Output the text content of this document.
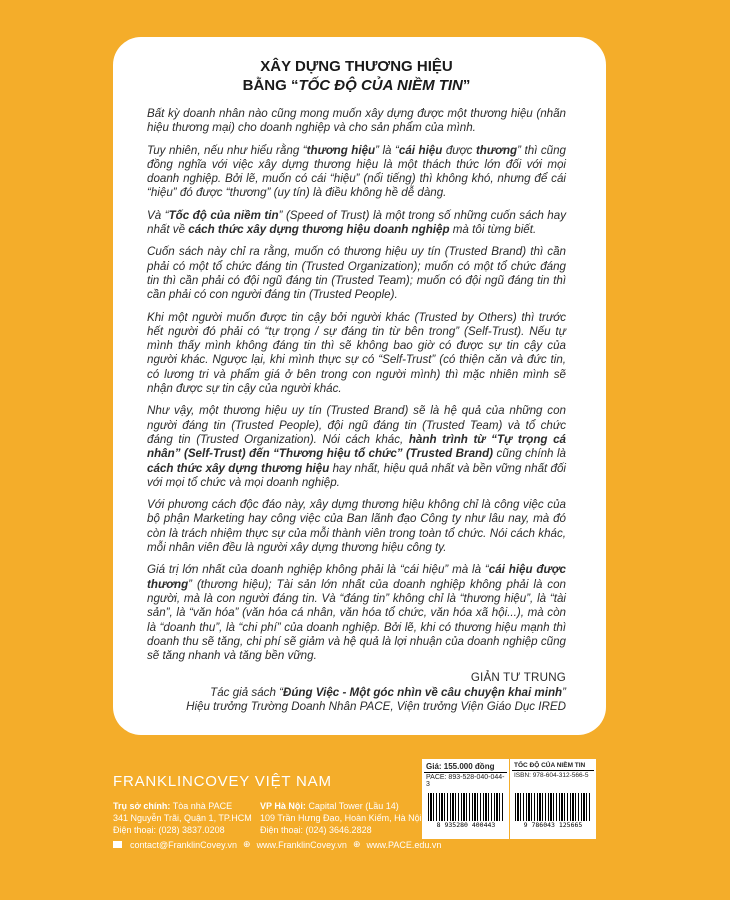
XÂY DỰNG THƯƠNG HIỆU
BẰNG “TỐC ĐỘ CỦA NIỀM TIN”

Bất kỳ doanh nhân nào cũng mong muốn xây dựng được một thương hiệu (nhãn hiệu thương mại) cho doanh nghiệp và cho sản phẩm của mình.

Tuy nhiên, nếu như hiểu rằng “thương hiệu” là “cái hiệu được thương” thì cũng đồng nghĩa với việc xây dựng thương hiệu là một thách thức lớn đối với mọi doanh nghiệp. Bởi lẽ, muốn có cái “hiệu” (nổi tiếng) thì không khó, nhưng để cái “hiệu” đó được “thương” (uy tín) là điều không hề dễ dàng.

Và “Tốc độ của niềm tin” (Speed of Trust) là một trong số những cuốn sách hay nhất về cách thức xây dựng thương hiệu doanh nghiệp mà tôi từng biết.

Cuốn sách này chỉ ra rằng, muốn có thương hiệu uy tín (Trusted Brand) thì cần phải có một tổ chức đáng tin (Trusted Organization); muốn có một tổ chức đáng tin thì cần phải có đội ngũ đáng tin (Trusted Team); muốn có đội ngũ đáng tin thì cần phải có con người đáng tin (Trusted People).

Khi một người muốn được tin cậy bởi người khác (Trusted by Others) thì trước hết người đó phải có “tự trọng / sự đáng tin từ bên trong” (Self-Trust). Nếu tự mình thấy mình không đáng tin thì sẽ không bao giờ có được sự tin cậy của người khác. Ngược lại, khi mình thực sự có “Self-Trust” (có thiện căn và đức tin, có lương tri và phẩm giá ở bên trong con người mình) thì mặc nhiên mình sẽ nhận được sự tin cậy của người khác.

Như vậy, một thương hiệu uy tín (Trusted Brand) sẽ là hệ quả của những con người đáng tin (Trusted People), đội ngũ đáng tin (Trusted Team) và tổ chức đáng tin (Trusted Organization). Nói cách khác, hành trình từ “Tự trọng cá nhân” (Self-Trust) đến “Thương hiệu tổ chức” (Trusted Brand) cũng chính là cách thức xây dựng thương hiệu hay nhất, hiệu quả nhất và bền vững nhất đối với mọi tổ chức và mọi doanh nghiệp.

Với phương cách độc đáo này, xây dựng thương hiệu không chỉ là công việc của bộ phận Marketing hay công việc của Ban lãnh đạo Công ty như lâu nay, mà đó còn là trách nhiệm thực sự của mỗi thành viên trong toàn tổ chức. Nói cách khác, mỗi nhân viên đều là người xây dựng thương hiệu công ty.

Giá trị lớn nhất của doanh nghiệp không phải là “cái hiệu” mà là “cái hiệu được thương” (thương hiệu); Tài sản lớn nhất của doanh nghiệp không phải là con người, mà là con người đáng tin. Và “đáng tin” không chỉ là “thương hiệu”, là “tài sản”, là “văn hóa” (văn hóa cá nhân, văn hóa tổ chức, văn hóa xã hội...), mà còn là “doanh thu”, là “chi phí” của doanh nghiệp. Bởi lẽ, khi có thương hiệu mạnh thì doanh thu sẽ tăng, chi phí sẽ giảm và hệ quả là lợi nhuận của doanh nghiệp cũng sẽ tăng nhanh và tăng bền vững.

GIẢN TƯ TRUNG
Tác giả sách “Đúng Việc - Một góc nhìn về câu chuyện khai minh”
Hiệu trưởng Trường Doanh Nhân PACE, Viện trưởng Viện Giáo Dục IRED
FRANKLINCOVEY VIỆT NAM
Trụ sở chính: Tòa nhà PACE
341 Nguyễn Trãi, Quận 1, TP.HCM
Điện thoại: (028) 3837.0208
VP Hà Nội: Capital Tower (Lầu 14)
109 Trần Hưng Đạo, Hoàn Kiếm, Hà Nội
Điện thoại: (024) 3646.2828
contact@FranklinCovey.vn ⊕ www.FranklinCovey.vn ⊕ www.PACE.edu.vn
Giá: 155.000 đồng
PACE: 893-528-040-044-3
8 935280 400443
TỐC ĐỘ CỦA NIỀM TIN
ISBN: 978-604-312-566-5
9 786043 125665
